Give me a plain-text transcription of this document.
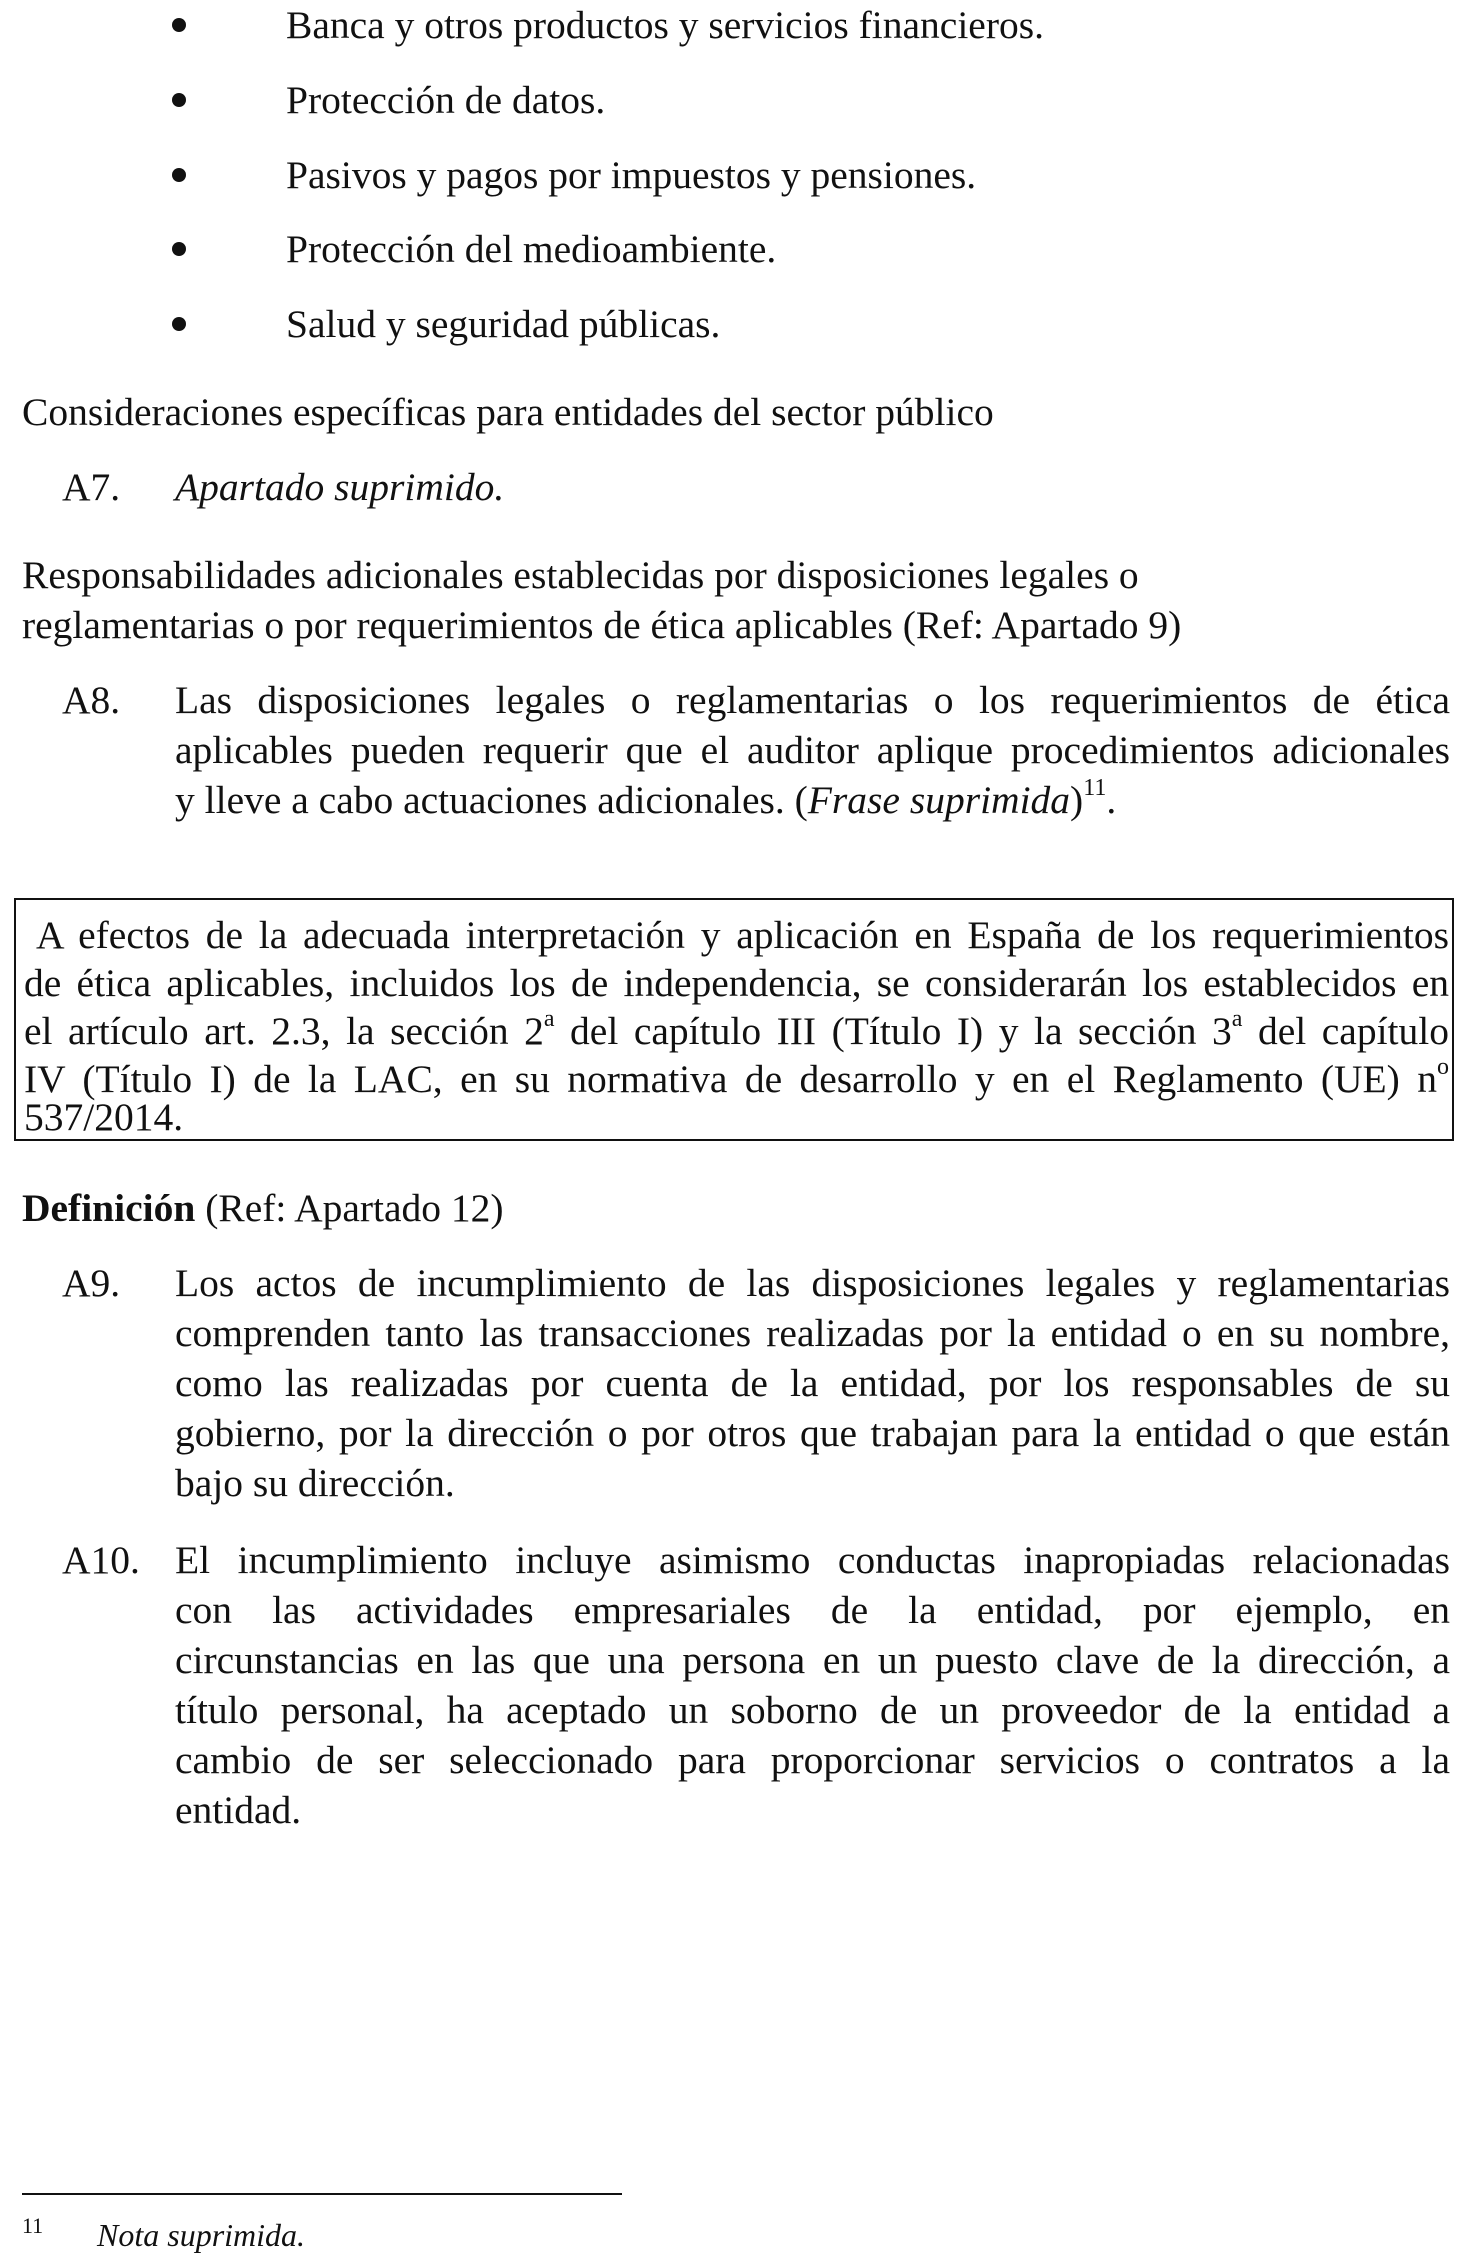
Banca y otros productos y servicios financieros.
Protección de datos.
Pasivos y pagos por impuestos y pensiones.
Protección del medioambiente.
Salud y seguridad públicas.
Consideraciones específicas para entidades del sector público
A7. Apartado suprimido.
Responsabilidades adicionales establecidas por disposiciones legales o
reglamentarias o por requerimientos de ética aplicables (Ref: Apartado 9)
A8. Las disposiciones legales o reglamentarias o los requerimientos de ética
aplicables pueden requerir que el auditor aplique procedimientos adicionales
y lleve a cabo actuaciones adicionales. (Frase suprimida)$^{11}$.
A efectos de la adecuada interpretación y aplicación en España de los requerimientos
de ética aplicables, incluidos los de independencia, se considerarán los establecidos en
el artículo art. 2.3, la sección 2$^a$ del capítulo III (Título I) y la sección 3$^a$ del capítulo
IV (Título I) de la LAC, en su normativa de desarrollo y en el Reglamento (UE) $n^o$
537/2014.
Definición (Ref: Apartado 12)
A9. Los actos de incumplimiento de las disposiciones legales y reglamentarias
comprenden tanto las transacciones realizadas por la entidad o en su nombre,
como las realizadas por cuenta de la entidad, por los responsables de su
gobierno, por la dirección o por otros que trabajan para la entidad o que están
bajo su dirección.
A10. El incumplimiento incluye asimismo conductas inapropiadas relacionadas
con las actividades empresariales de la entidad, por ejemplo, en
circunstancias en las que una persona en un puesto clave de la dirección, a
título personal, ha aceptado un soborno de un proveedor de la entidad a
cambio de ser seleccionado para proporcionar servicios o contratos a la
entidad.
11 Nota suprimida.
